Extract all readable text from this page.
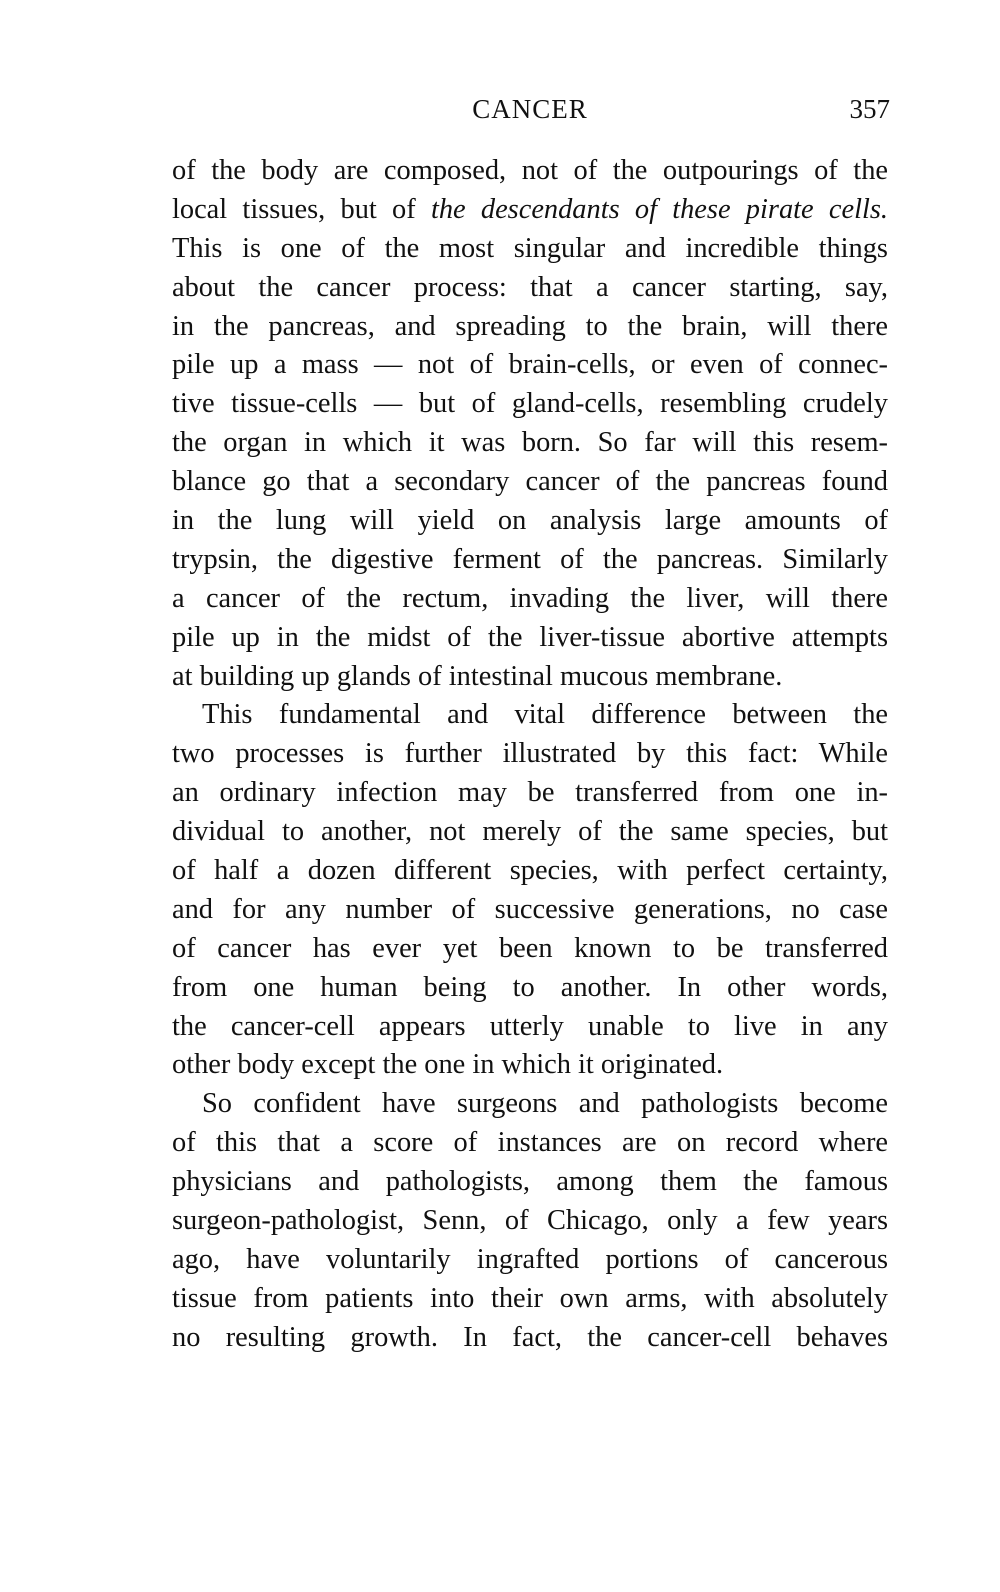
CANCER	357
of the body are composed, not of the outpourings of the
local tissues, but of the descendants of these pirate cells.
This is one of the most singular and incredible things
about the cancer process: that a cancer starting, say,
in the pancreas, and spreading to the brain, will there
pile up a mass — not of brain-cells, or even of connec-
tive tissue-cells — but of gland-cells, resembling crudely
the organ in which it was born. So far will this resem-
blance go that a secondary cancer of the pancreas found
in the lung will yield on analysis large amounts of
trypsin, the digestive ferment of the pancreas. Similarly
a cancer of the rectum, invading the liver, will there
pile up in the midst of the liver-tissue abortive attempts
at building up glands of intestinal mucous membrane.
This fundamental and vital difference between the
two processes is further illustrated by this fact: While
an ordinary infection may be transferred from one in-
dividual to another, not merely of the same species, but
of half a dozen different species, with perfect certainty,
and for any number of successive generations, no case
of cancer has ever yet been known to be transferred
from one human being to another. In other words,
the cancer-cell appears utterly unable to live in any
other body except the one in which it originated.
So confident have surgeons and pathologists become
of this that a score of instances are on record where
physicians and pathologists, among them the famous
surgeon-pathologist, Senn, of Chicago, only a few years
ago, have voluntarily ingrafted portions of cancerous
tissue from patients into their own arms, with absolutely
no resulting growth. In fact, the cancer-cell behaves
